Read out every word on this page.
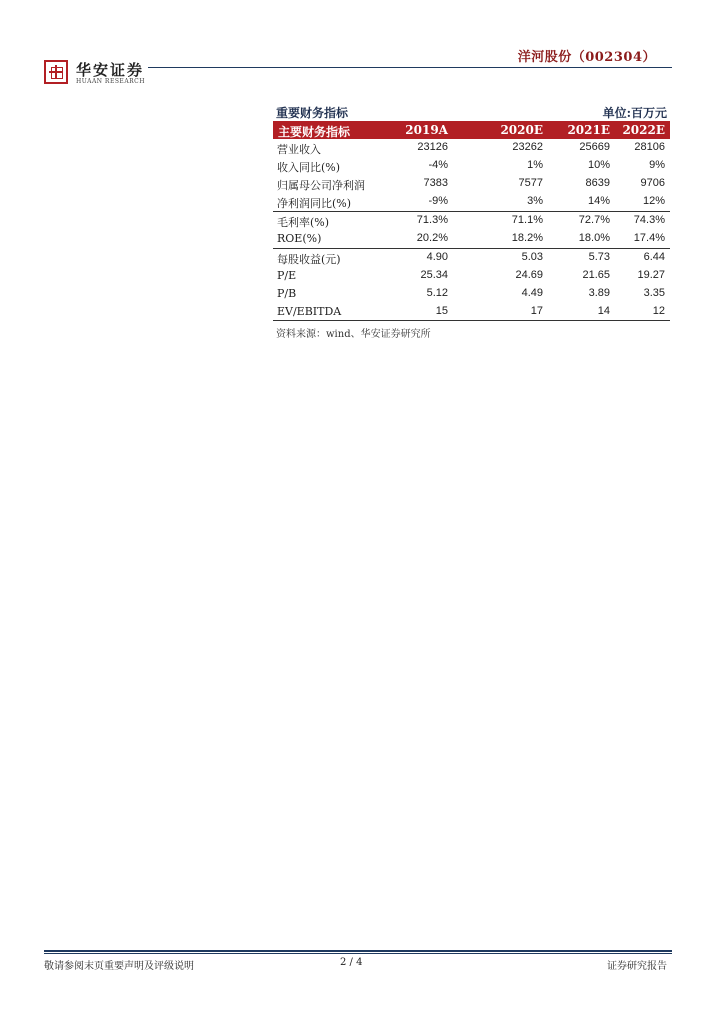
华安证券
HUAAN RESEARCH
洋河股份（002304）
重要财务指标	单位:百万元
主要财务指标	2019A	2020E	2021E	2022E
营业收入	23126	23262	25669	28106
收入同比(%)	-4%	1%	10%	9%
归属母公司净利润	7383	7577	8639	9706
净利润同比(%)	-9%	3%	14%	12%
毛利率(%)	71.3%	71.1%	72.7%	74.3%
ROE(%)	20.2%	18.2%	18.0%	17.4%
每股收益(元)	4.90	5.03	5.73	6.44
P/E	25.34	24.69	21.65	19.27
P/B	5.12	4.49	3.89	3.35
EV/EBITDA	15	17	14	12
资料来源：wind、华安证券研究所
敬请参阅末页重要声明及评级说明	2 / 4	证券研究报告
